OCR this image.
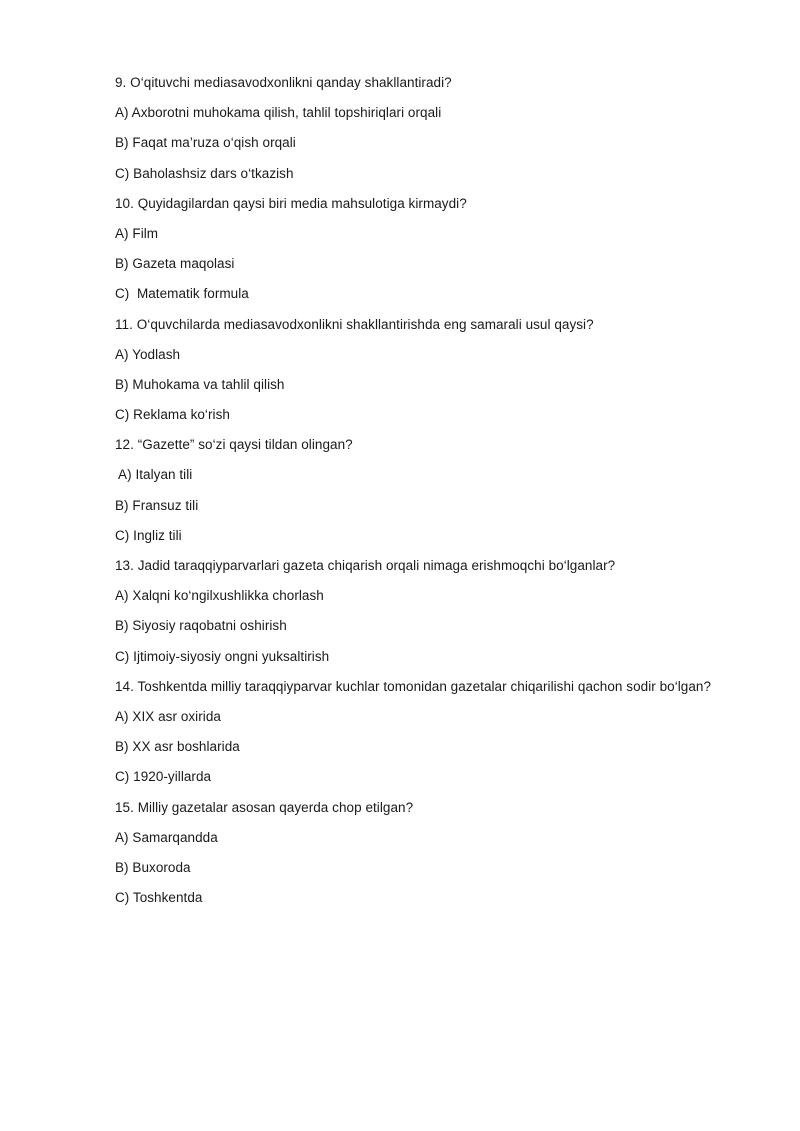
9. O‘qituvchi mediasavodxonlikni qanday shakllantiradi?
A) Axborotni muhokama qilish, tahlil topshiriqlari orqali
B) Faqat ma’ruza o‘qish orqali
C) Baholashsiz dars o‘tkazish
10. Quyidagilardan qaysi biri media mahsulotiga kirmaydi?
A) Film
B) Gazeta maqolasi
C)  Matematik formula
11. O‘quvchilarda mediasavodxonlikni shakllantirishda eng samarali usul qaysi?
A) Yodlash
B) Muhokama va tahlil qilish
C) Reklama ko‘rish
12. “Gazette” so‘zi qaysi tildan olingan?
A) Italyan tili
B) Fransuz tili
C) Ingliz tili
13. Jadid taraqqiyparvarlari gazeta chiqarish orqali nimaga erishmoqchi bo‘lganlar?
A) Xalqni ko‘ngilxushlikka chorlash
B) Siyosiy raqobatni oshirish
C) Ijtimoiy-siyosiy ongni yuksaltirish
14. Toshkentda milliy taraqqiyparvar kuchlar tomonidan gazetalar chiqarilishi qachon sodir bo‘lgan?
A) XIX asr oxirida
B) XX asr boshlarida
C) 1920-yillarda
15. Milliy gazetalar asosan qayerda chop etilgan?
A) Samarqandda
B) Buxoroda
C) Toshkentda
